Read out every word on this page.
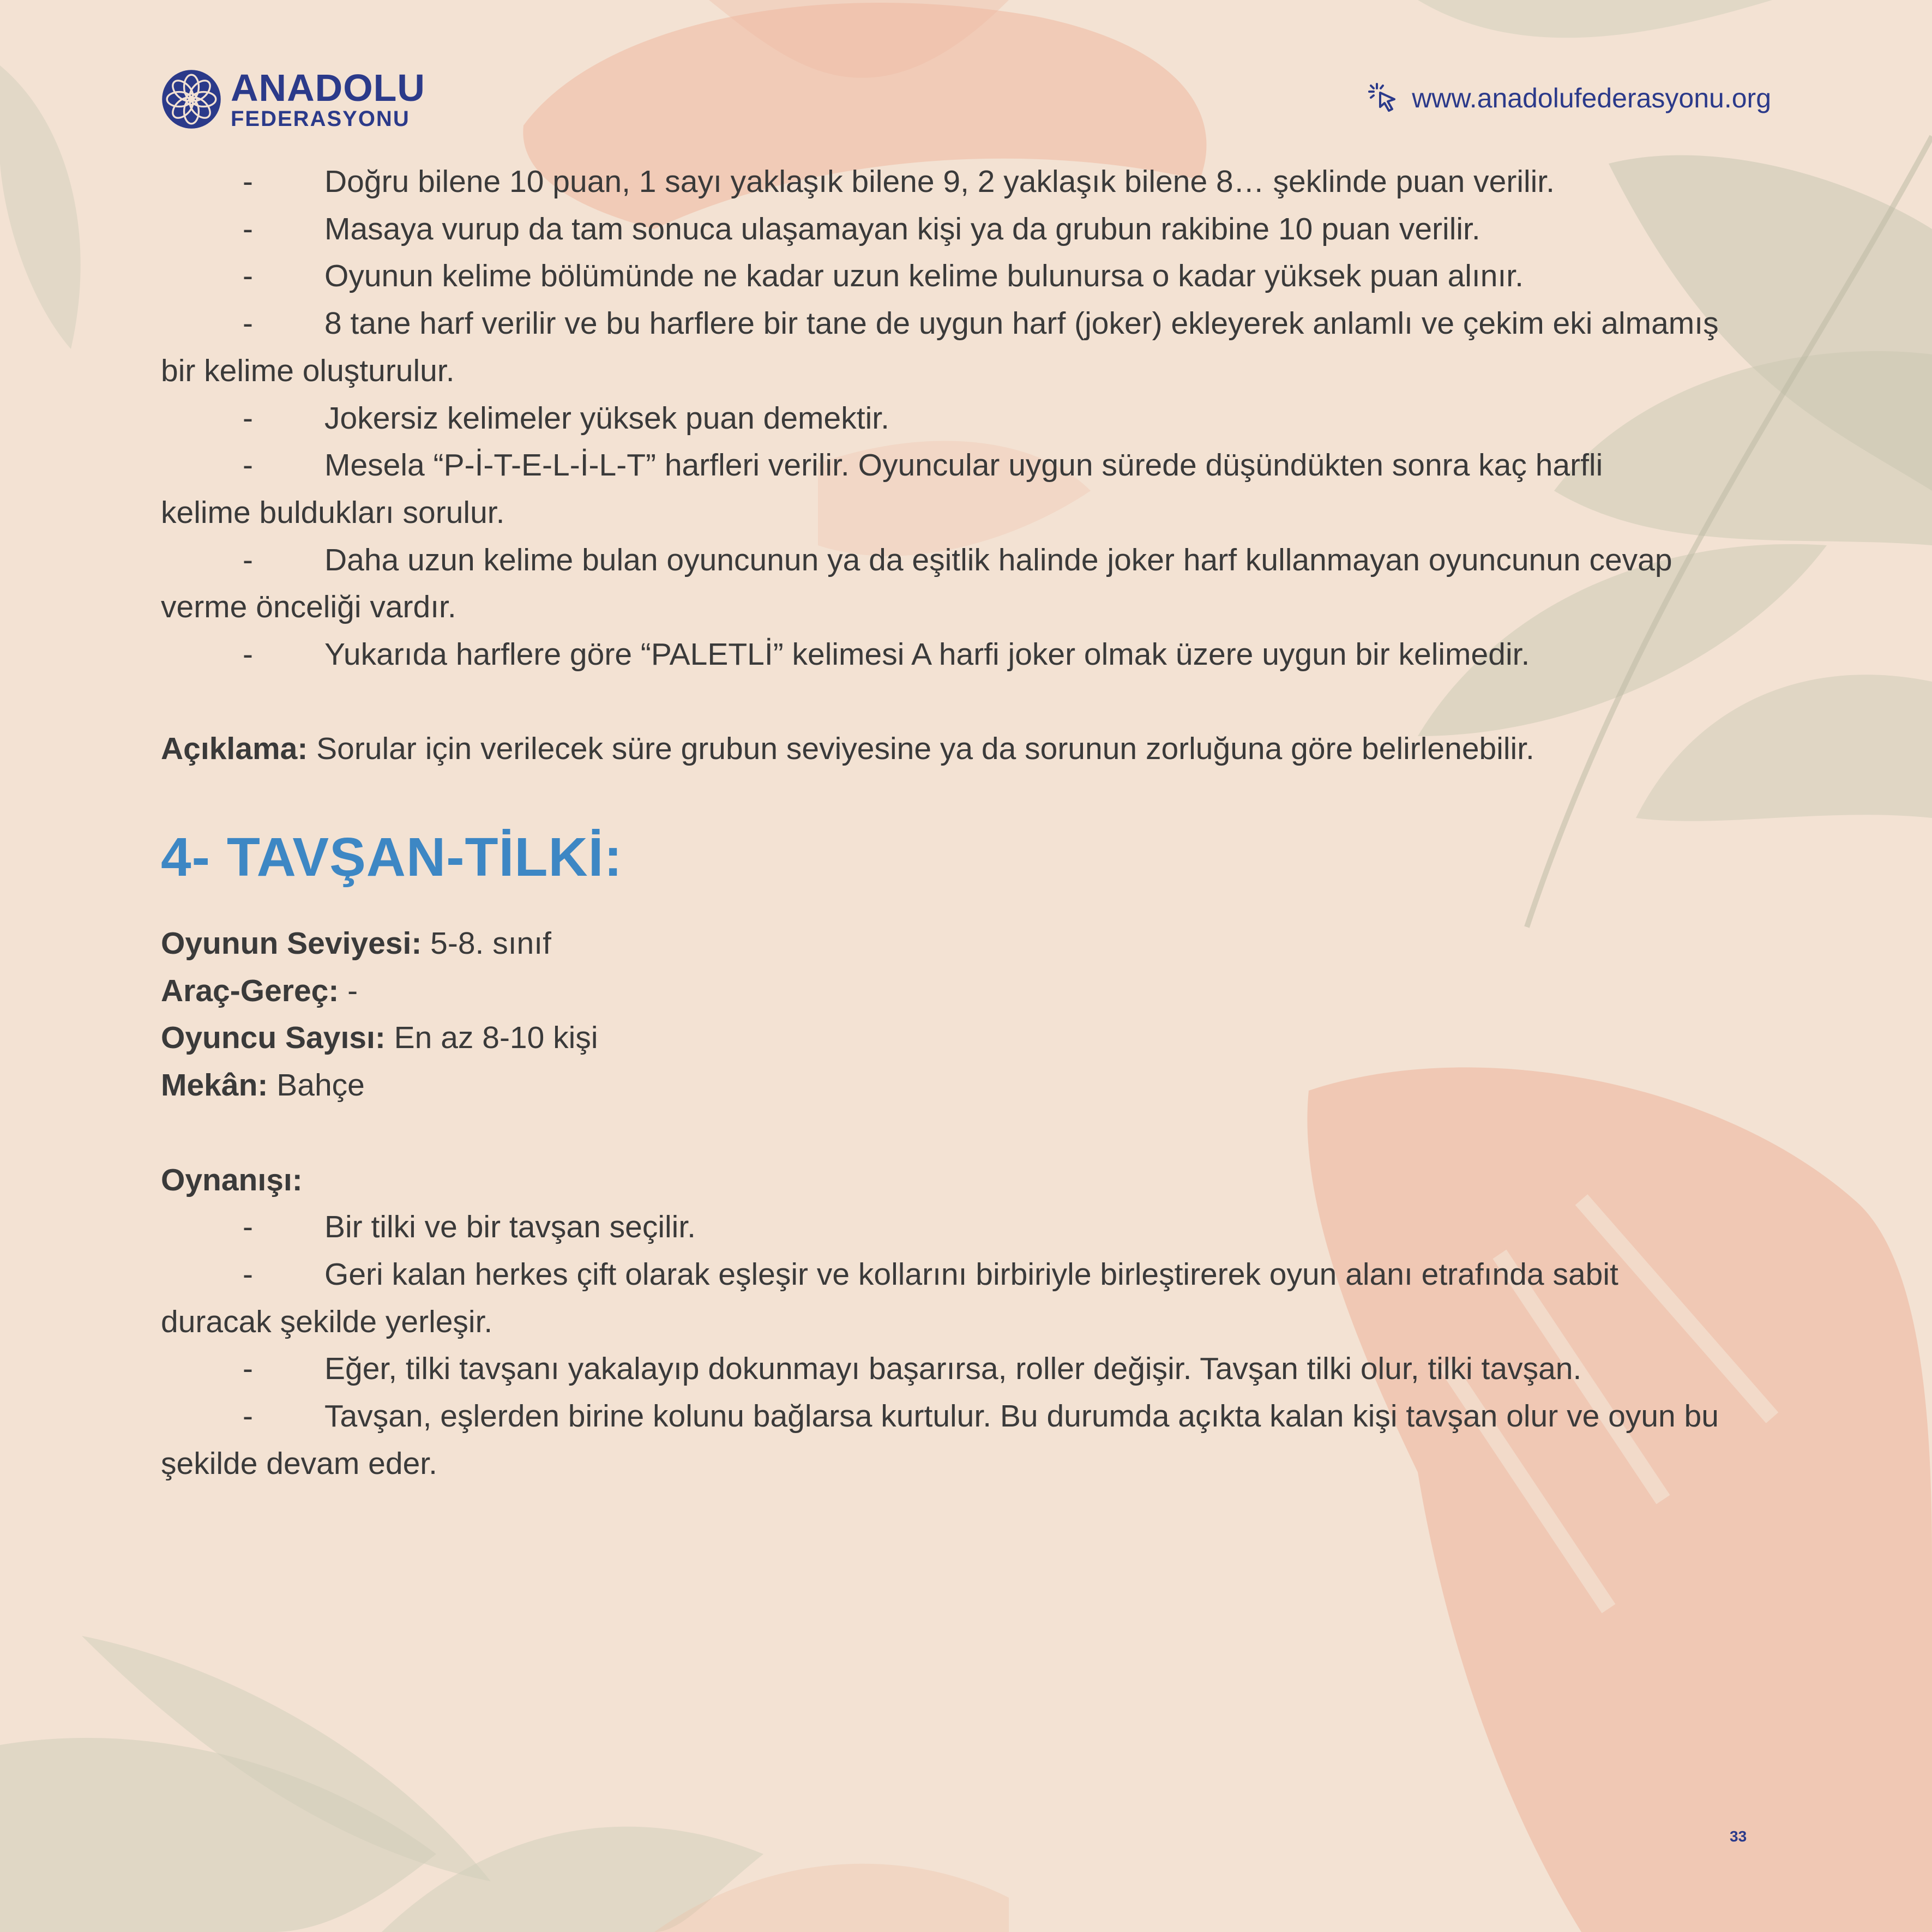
ANADOLU
FEDERASYONU
www.anadolufederasyonu.org
-	Doğru bilene 10 puan, 1 sayı yaklaşık bilene 9, 2 yaklaşık bilene 8… şeklinde puan verilir.
-	Masaya vurup da tam sonuca ulaşamayan kişi ya da grubun rakibine 10 puan verilir.
-	Oyunun kelime bölümünde ne kadar uzun kelime bulunursa o kadar yüksek puan alınır.
-	8 tane harf verilir ve bu harflere bir tane de uygun harf (joker) ekleyerek anlamlı ve çekim eki almamış
bir kelime oluşturulur.
-	Jokersiz kelimeler yüksek puan demektir.
-	Mesela “P-İ-T-E-L-İ-L-T” harfleri verilir. Oyuncular uygun sürede düşündükten sonra kaç harfli
kelime buldukları sorulur.
-	Daha uzun kelime bulan oyuncunun ya da eşitlik halinde joker harf kullanmayan oyuncunun cevap
verme önceliği vardır.
-	Yukarıda harflere göre “PALETLİ” kelimesi A harfi joker olmak üzere uygun bir kelimedir.
Açıklama: Sorular için verilecek süre grubun seviyesine ya da sorunun zorluğuna göre belirlenebilir.
4- TAVŞAN-TİLKİ:
Oyunun Seviyesi: 5-8. sınıf
Araç-Gereç: -
Oyuncu Sayısı: En az 8-10 kişi
Mekân: Bahçe
Oynanışı:
-	Bir tilki ve bir tavşan seçilir.
-	Geri kalan herkes çift olarak eşleşir ve kollarını birbiriyle birleştirerek oyun alanı etrafında sabit
duracak şekilde yerleşir.
-	Eğer, tilki tavşanı yakalayıp dokunmayı başarırsa, roller değişir. Tavşan tilki olur, tilki tavşan.
-	Tavşan, eşlerden birine kolunu bağlarsa kurtulur. Bu durumda açıkta kalan kişi tavşan olur ve oyun bu
şekilde devam eder.
33
